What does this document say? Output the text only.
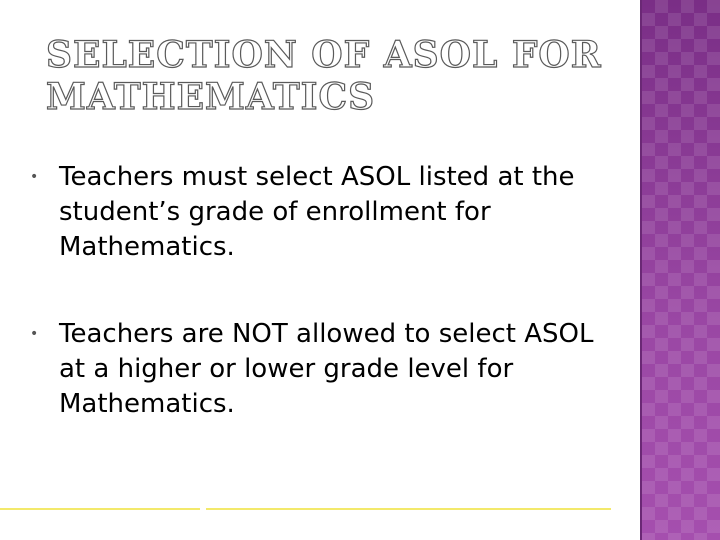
SELECTION OF ASOL FOR MATHEMATICS
• Teachers must select ASOL listed at the student’s grade of enrollment for Mathematics.
• Teachers are NOT allowed to select ASOL at a higher or lower grade level for Mathematics.
